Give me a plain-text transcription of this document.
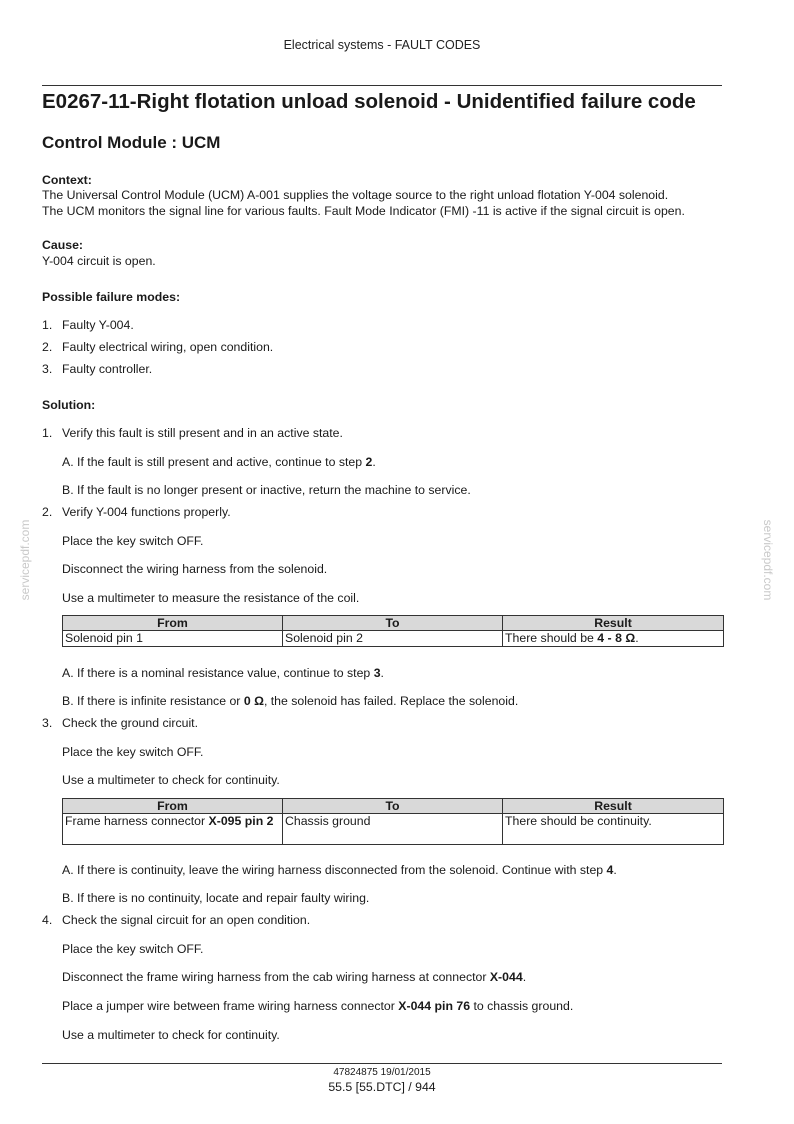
Electrical systems - FAULT CODES
E0267-11-Right flotation unload solenoid - Unidentified failure code
Control Module : UCM
Context:
The Universal Control Module (UCM) A-001 supplies the voltage source to the right unload flotation Y-004 solenoid.
The UCM monitors the signal line for various faults. Fault Mode Indicator (FMI) -11 is active if the signal circuit is open.
Cause:
Y-004 circuit is open.
Possible failure modes:
1. Faulty Y-004.
2. Faulty electrical wiring, open condition.
3. Faulty controller.
Solution:
1. Verify this fault is still present and in an active state.
A. If the fault is still present and active, continue to step 2.
B. If the fault is no longer present or inactive, return the machine to service.
2. Verify Y-004 functions properly.
Place the key switch OFF.
Disconnect the wiring harness from the solenoid.
Use a multimeter to measure the resistance of the coil.
From	To	Result
Solenoid pin 1	Solenoid pin 2	There should be 4 - 8 Ω.
A. If there is a nominal resistance value, continue to step 3.
B. If there is infinite resistance or 0 Ω, the solenoid has failed. Replace the solenoid.
3. Check the ground circuit.
Place the key switch OFF.
Use a multimeter to check for continuity.
From	To	Result
Frame harness connector X-095 pin 2	Chassis ground	There should be continuity.
A. If there is continuity, leave the wiring harness disconnected from the solenoid. Continue with step 4.
B. If there is no continuity, locate and repair faulty wiring.
4. Check the signal circuit for an open condition.
Place the key switch OFF.
Disconnect the frame wiring harness from the cab wiring harness at connector X-044.
Place a jumper wire between frame wiring harness connector X-044 pin 76 to chassis ground.
Use a multimeter to check for continuity.
servicepdf.com	servicepdf.com
47824875 19/01/2015
55.5 [55.DTC] / 944
